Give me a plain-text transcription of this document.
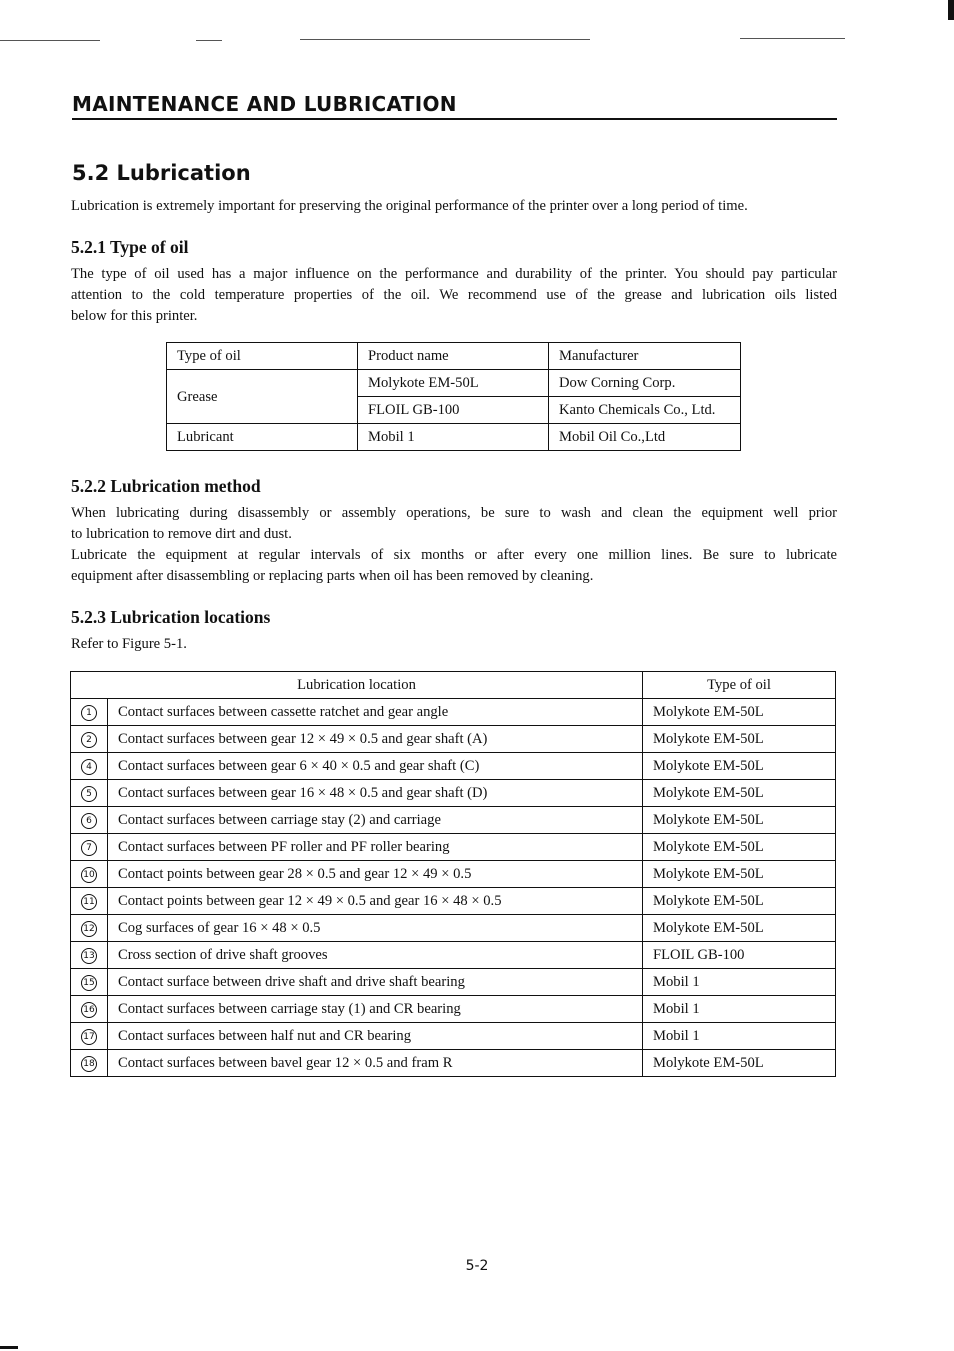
MAINTENANCE AND LUBRICATION
5.2 Lubrication

Lubrication is extremely important for preserving the original performance of the printer over a long period of time.

5.2.1 Type of oil

The type of oil used has a major influence on the performance and durability of the printer. You should pay particular
attention to the cold temperature properties of the oil. We recommend use of the grease and lubrication oils listed
below for this printer.

Type of oil	Product name	Manufacturer
Grease	Molykote EM-50L	Dow Corning Corp.
	FLOIL GB-100	Kanto Chemicals Co., Ltd.
Lubricant	Mobil 1	Mobil Oil Co.,Ltd
5.2.2 Lubrication method

When lubricating during disassembly or assembly operations, be sure to wash and clean the equipment well prior
to lubrication to remove dirt and dust.
Lubricate the equipment at regular intervals of six months or after every one million lines. Be sure to lubricate
equipment after disassembling or replacing parts when oil has been removed by cleaning.

5.2.3 Lubrication locations

Refer to Figure 5-1.

Lubrication location		Type of oil
1	Contact surfaces between cassette ratchet and gear angle	Molykote EM-50L
2	Contact surfaces between gear 12 × 49 × 0.5 and gear shaft (A)	Molykote EM-50L
4	Contact surfaces between gear 6 × 40 × 0.5 and gear shaft (C)	Molykote EM-50L
5	Contact surfaces between gear 16 × 48 × 0.5 and gear shaft (D)	Molykote EM-50L
6	Contact surfaces between carriage stay (2) and carriage	Molykote EM-50L
7	Contact surfaces between PF roller and PF roller bearing	Molykote EM-50L
10	Contact points between gear 28 × 0.5 and gear 12 × 49 × 0.5	Molykote EM-50L
11	Contact points between gear 12 × 49 × 0.5 and gear 16 × 48 × 0.5	Molykote EM-50L
12	Cog surfaces of gear 16 × 48 × 0.5	Molykote EM-50L
13	Cross section of drive shaft grooves	FLOIL GB-100
15	Contact surface between drive shaft and drive shaft bearing	Mobil 1
16	Contact surfaces between carriage stay (1) and CR bearing	Mobil 1
17	Contact surfaces between half nut and CR bearing	Mobil 1
18	Contact surfaces between bavel gear 12 × 0.5 and fram R	Molykote EM-50L
5-2
